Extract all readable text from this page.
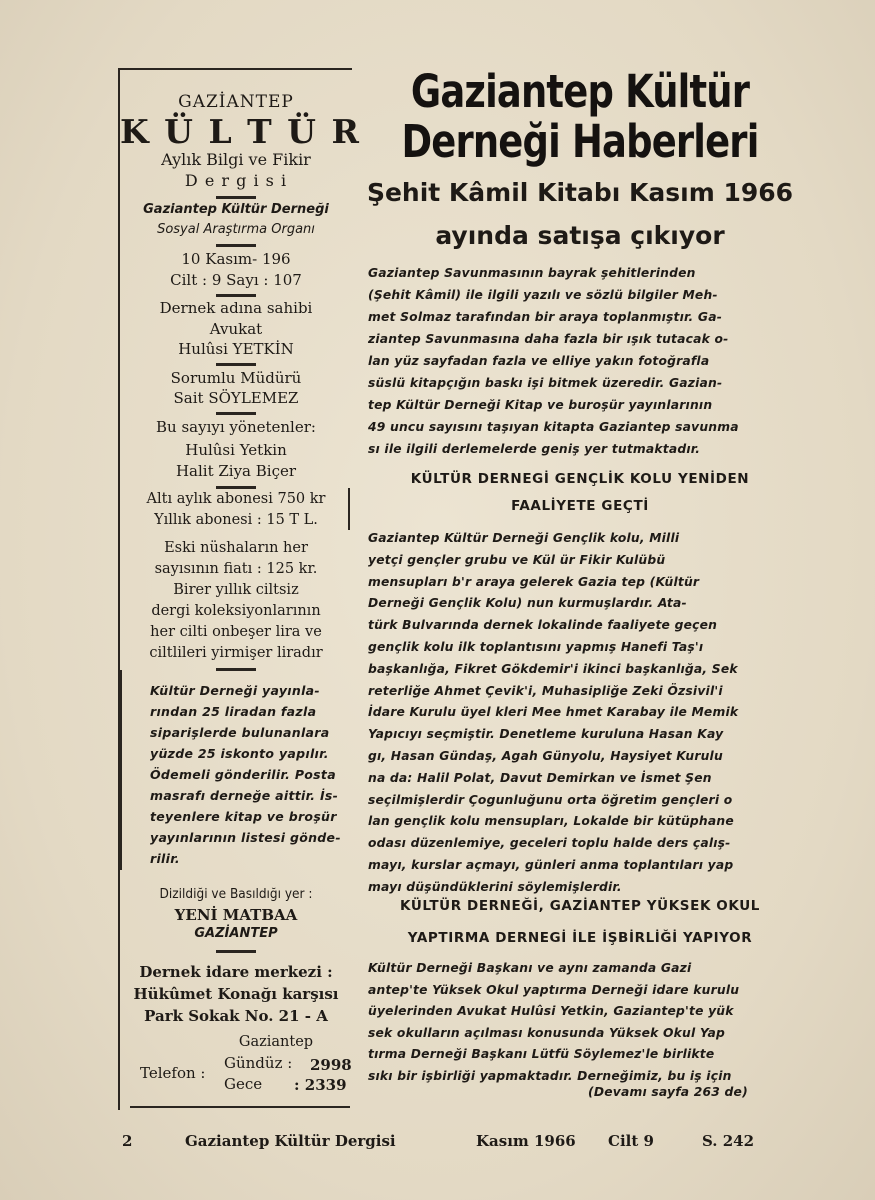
GAZİANTEP
K Ü L T Ü R
Aylık Bilgi ve Fikir
D e r g i s i
Gaziantep Kültür Derneği
Sosyal Araştırma Organı
10 Kasım- 196
Cilt : 9 Sayı : 107
Dernek adına sahibi
Avukat
Hulûsi YETKİN
Sorumlu Müdürü
Sait SÖYLEMEZ
Bu sayıyı yönetenler:
Hulûsi Yetkin
Halit Ziya Biçer
Altı aylık abonesi 750 kr
Yıllık abonesi : 15 T L.
Eski nüshaların her
sayısının fiatı : 125 kr.
Birer yıllık ciltsiz
dergi koleksiyonlarının
her cilti onbeşer lira ve
ciltlileri yirmişer liradır
Kültür Derneği yayınla-
rından 25 liradan fazla
siparişlerde bulunanlara
yüzde 25 iskonto yapılır.
Ödemeli gönderilir. Posta
masrafı derneğe aittir. İs-
teyenlere kitap ve broşür
yayınlarının listesi gönde-
rilir.
Dizildiği ve Basıldığı yer :
YENİ MATBAA
GAZİANTEP
Dernek idare merkezi :
Hükûmet Konağı karşısı
Park Sokak No. 21 - A
Gaziantep
Telefon :
Gündüz : 2998
Gece : 2339
Gaziantep Kültür
Derneği Haberleri
Şehit Kâmil Kitabı Kasım 1966
ayında satışa çıkıyor
Gaziantep Savunmasının bayrak şehitlerinden
(Şehit Kâmil) ile ilgili yazılı ve sözlü bilgiler Meh-
met Solmaz tarafından bir araya toplanmıştır. Ga-
ziantep Savunmasına daha fazla bir ışık tutacak o-
lan yüz sayfadan fazla ve elliye yakın fotoğrafla
süslü kitapçığın baskı işi bitmek üzeredir. Gazian-
tep Kültür Derneği Kitap ve buroşür yayınlarının
49 uncu sayısını taşıyan kitapta Gaziantep savunma
sı ile ilgili derlemelerde geniş yer tutmaktadır.
KÜLTÜR DERNEGİ GENÇLİK KOLU YENİDEN
FAALİYETE GEÇTİ
Gaziantep Kültür Derneği Gençlik kolu, Milli
yetçi gençler grubu ve Kül ür Fikir Kulübü
mensupları b'r araya gelerek Gazia tep (Kültür
Derneği Gençlik Kolu) nun kurmuşlardır. Ata-
türk Bulvarında dernek lokalinde faaliyete geçen
gençlik kolu ilk toplantısını yapmış Hanefi Taş'ı
başkanlığa, Fikret Gökdemir'i ikinci başkanlığa, Sek
reterliğe Ahmet Çevik'i, Muhasipliğe Zeki Özsivil'i
İdare Kurulu üyel kleri Mee hmet Karabay ile Memik
Yapıcıyı seçmiştir. Denetleme kuruluna Hasan Kay
gı, Hasan Gündaş, Agah Günyolu, Haysiyet Kurulu
na da: Halil Polat, Davut Demirkan ve İsmet Şen
seçilmişlerdir Çogunluğunu orta öğretim gençleri o
lan gençlik kolu mensupları, Lokalde bir kütüphane
odası düzenlemiye, geceleri toplu halde ders çalış-
mayı, kurslar açmayı, günleri anma toplantıları yap
mayı düşündüklerini söylemişlerdir.
KÜLTÜR DERNEĞİ, GAZİANTEP YÜKSEK OKUL
YAPTIRMA DERNEGİ İLE İŞBİRLİĞİ YAPIYOR
Kültür Derneği Başkanı ve aynı zamanda Gazi
antep'te Yüksek Okul yaptırma Derneği idare kurulu
üyelerinden Avukat Hulûsi Yetkin, Gaziantep'te yük
sek okulların açılması konusunda Yüksek Okul Yap
tırma Derneği Başkanı Lütfü Söylemez'le birlikte
sıkı bir işbirliği yapmaktadır. Derneğimiz, bu iş için
(Devamı sayfa 263 de)
2	Gaziantep Kültür Dergisi	Kasım 1966 Cilt 9	S. 242
